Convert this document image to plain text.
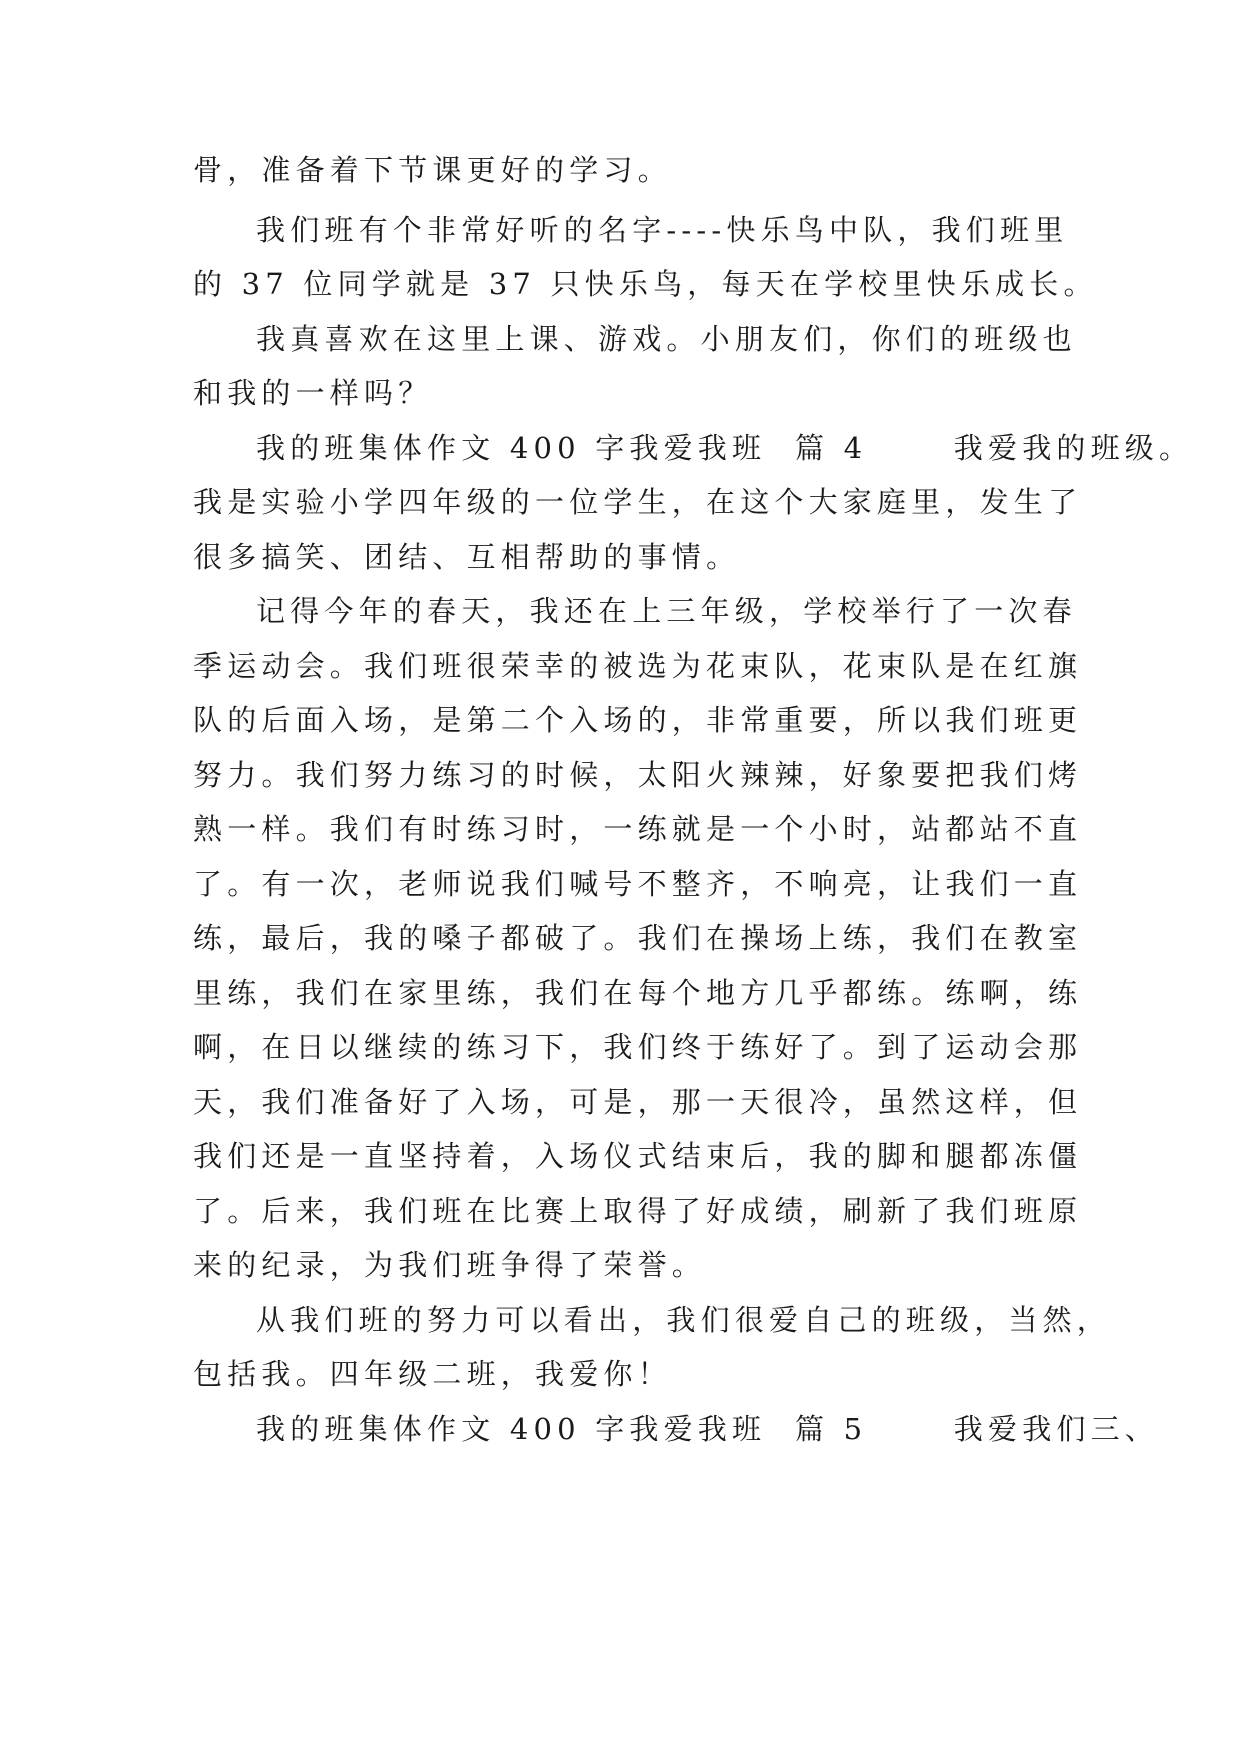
骨，准备着下节课更好的学习。
我们班有个非常好听的名字----快乐鸟中队，我们班里
的 37 位同学就是 37 只快乐鸟，每天在学校里快乐成长。
我真喜欢在这里上课、游戏。小朋友们，你们的班级也
和我的一样吗？
我的班集体作文 400 字我爱我班  篇 4      我爱我的班级。
我是实验小学四年级的一位学生，在这个大家庭里，发生了
很多搞笑、团结、互相帮助的事情。
记得今年的春天，我还在上三年级，学校举行了一次春
季运动会。我们班很荣幸的被选为花束队，花束队是在红旗
队的后面入场，是第二个入场的，非常重要，所以我们班更
努力。我们努力练习的时候，太阳火辣辣，好象要把我们烤
熟一样。我们有时练习时，一练就是一个小时，站都站不直
了。有一次，老师说我们喊号不整齐，不响亮，让我们一直
练，最后，我的嗓子都破了。我们在操场上练，我们在教室
里练，我们在家里练，我们在每个地方几乎都练。练啊，练
啊，在日以继续的练习下，我们终于练好了。到了运动会那
天，我们准备好了入场，可是，那一天很冷，虽然这样，但
我们还是一直坚持着，入场仪式结束后，我的脚和腿都冻僵
了。后来，我们班在比赛上取得了好成绩，刷新了我们班原
来的纪录，为我们班争得了荣誉。
从我们班的努力可以看出，我们很爱自己的班级，当然，
包括我。四年级二班，我爱你！
我的班集体作文 400 字我爱我班  篇 5      我爱我们三、
